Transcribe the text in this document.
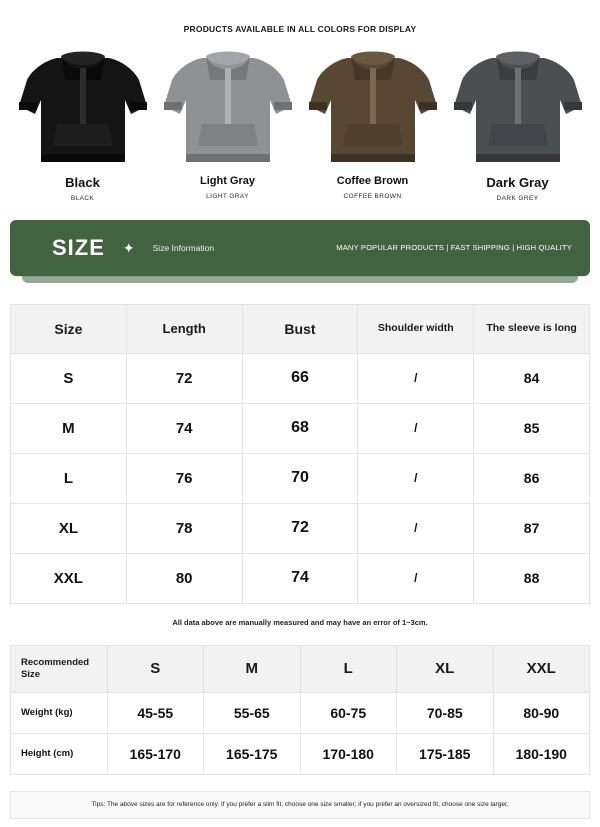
PRODUCTS AVAILABLE IN ALL COLORS FOR DISPLAY
Black
BLACK
Light Gray
LIGHT GRAY
Coffee Brown
COFFEE BROWN
Dark Gray
DARK GREY
SIZE ✦ Size Information	MANY POPULAR PRODUCTS | FAST SHIPPING | HIGH QUALITY
Size	Length	Bust	Shoulder width	The sleeve is long
S	72	66	/	84
M	74	68	/	85
L	76	70	/	86
XL	78	72	/	87
XXL	80	74	/	88
All data above are manually measured and may have an error of 1~3cm.
Recommended Size	S	M	L	XL	XXL
Weight (kg)	45-55	55-65	60-75	70-85	80-90
Height (cm)	165-170	165-175	170-180	175-185	180-190
Tips: The above sizes are for reference only. If you prefer a slim fit, choose one size smaller; if you prefer an oversized fit, choose one size larger.
